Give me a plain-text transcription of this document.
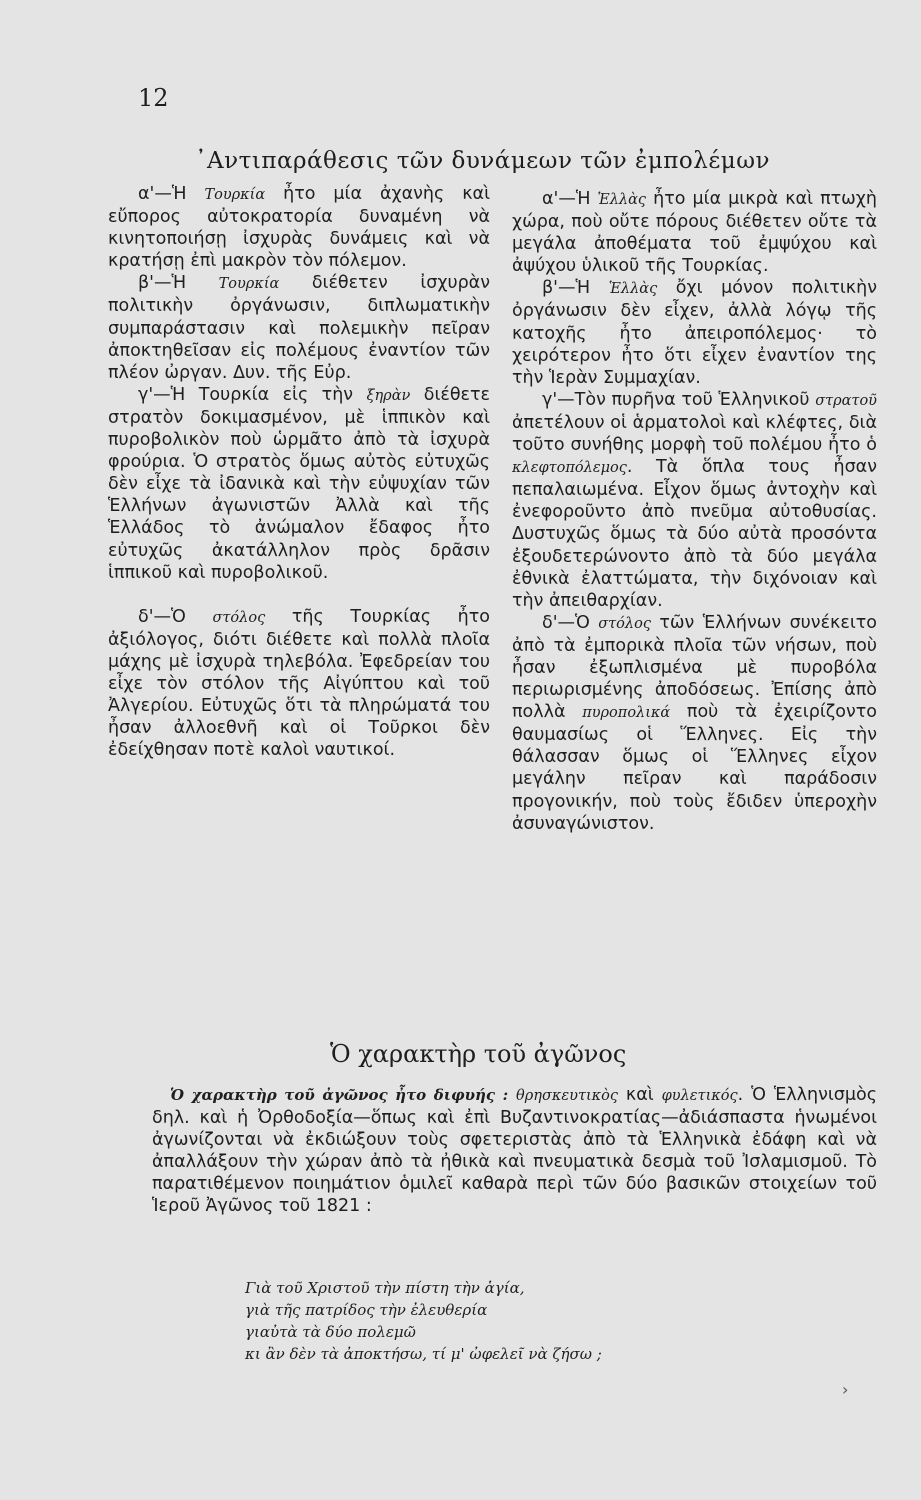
12
᾿Αντιπαράθεσις τῶν δυνάμεων τῶν ἐμπολέμων

α'—Ἡ Τουρκία ἦτο μία ἀχανὴς καὶ εὔπορος αὐτοκρατορία δυναμένη νὰ κινητοποιήσῃ ἰσχυρὰς δυνάμεις καὶ νὰ κρατήσῃ ἐπὶ μακρὸν τὸν πόλεμον.

β'—Ἡ Τουρκία διέθετεν ἰσχυρὰν πολιτικὴν ὀργάνωσιν, διπλωματικὴν συμπαράστασιν καὶ πολεμικὴν πεῖραν ἀποκτηθεῖσαν εἰς πολέμους ἐναντίον τῶν πλέον ὠργαν. Δυν. τῆς Εὐρ.

γ'—Ἡ Τουρκία εἰς τὴν ξηρὰν διέθετε στρατὸν δοκιμασμένον, μὲ ἱππικὸν καὶ πυροβολικὸν ποὺ ὡρμᾶτο ἀπὸ τὰ ἰσχυρὰ φρούρια. Ὁ στρατὸς ὅμως αὐτὸς εὐτυχῶς δὲν εἶχε τὰ ἰδανικὰ καὶ τὴν εὐψυχίαν τῶν Ἑλλήνων ἀγωνιστῶν Ἀλλὰ καὶ τῆς Ἑλλάδος τὸ ἀνώμαλον ἔδαφος ἦτο εὐτυχῶς ἀκατάλληλον πρὸς δρᾶσιν ἱππικοῦ καὶ πυροβολικοῦ.

δ'—Ὁ στόλος τῆς Τουρκίας ἦτο ἀξιόλογος, διότι διέθετε καὶ πολλὰ πλοῖα μάχης μὲ ἰσχυρὰ τηλεβόλα. Ἐφεδρείαν του εἶχε τὸν στόλον τῆς Αἰγύπτου καὶ τοῦ Ἀλγερίου. Εὐτυχῶς ὅτι τὰ πληρώματά του ἦσαν ἀλλοεθνῆ καὶ οἱ Τοῦρκοι δὲν ἐδείχθησαν ποτὲ καλοὶ ναυτικοί.

α'—Ἡ Ἑλλὰς ἦτο μία μικρὰ καὶ πτωχὴ χώρα, ποὺ οὔτε πόρους διέθετεν οὔτε τὰ μεγάλα ἀποθέματα τοῦ ἐμψύχου καὶ ἀψύχου ὑλικοῦ τῆς Τουρκίας.

β'—Ἡ Ἑλλὰς ὄχι μόνον πολιτικὴν ὀργάνωσιν δὲν εἶχεν, ἀλλὰ λόγῳ τῆς κατοχῆς ἦτο ἀπειροπόλεμος· τὸ χειρότερον ἦτο ὅτι εἶχεν ἐναντίον της τὴν Ἱερὰν Συμμαχίαν.

γ'—Τὸν πυρῆνα τοῦ Ἑλληνικοῦ στρατοῦ ἀπετέλουν οἱ ἁρματολοὶ καὶ κλέφτες, διὰ τοῦτο συνήθης μορφὴ τοῦ πολέμου ἦτο ὁ κλεφτοπόλεμος. Τὰ ὅπλα τους ἦσαν πεπαλαιωμένα. Εἶχον ὅμως ἀντοχὴν καὶ ἐνεφοροῦντο ἀπὸ πνεῦμα αὐτοθυσίας. Δυστυχῶς ὅμως τὰ δύο αὐτὰ προσόντα ἐξουδετερώνοντο ἀπὸ τὰ δύο μεγάλα ἐθνικὰ ἐλαττώματα, τὴν διχόνοιαν καὶ τὴν ἀπειθαρχίαν.

δ'—Ὁ στόλος τῶν Ἑλλήνων συνέκειτο ἀπὸ τὰ ἐμπορικὰ πλοῖα τῶν νήσων, ποὺ ἦσαν ἐξωπλισμένα μὲ πυροβόλα περιωρισμένης ἀποδόσεως. Ἐπίσης ἀπὸ πολλὰ πυροπολικά ποὺ τὰ ἐχειρίζοντο θαυμασίως οἱ Ἕλληνες. Εἰς τὴν θάλασσαν ὅμως οἱ Ἕλληνες εἶχον μεγάλην πεῖραν καὶ παράδοσιν προγονικήν, ποὺ τοὺς ἔδιδεν ὑπεροχὴν ἀσυναγώνιστον.

Ὁ χαρακτὴρ τοῦ ἀγῶνος
Ὁ χαρακτὴρ τοῦ ἀγῶνος ἦτο διφυής : θρησκευτικὸς καὶ φυλετικός. Ὁ Ἑλληνισμὸς δηλ. καὶ ἡ Ὀρθοδοξία—ὅπως καὶ ἐπὶ Βυζαντινοκρατίας—ἀδιάσπαστα ἡνωμένοι ἀγωνίζονται νὰ ἐκδιώξουν τοὺς σφετεριστὰς ἀπὸ τὰ Ἑλληνικὰ ἐδάφη καὶ νὰ ἀπαλλάξουν τὴν χώραν ἀπὸ τὰ ἠθικὰ καὶ πνευματικὰ δεσμὰ τοῦ Ἰσλαμισμοῦ. Τὸ παρατιθέμενον ποιημάτιον ὁμιλεῖ καθαρὰ περὶ τῶν δύο βασικῶν στοιχείων τοῦ Ἱεροῦ Ἀγῶνος τοῦ 1821 :
Γιὰ τοῦ Χριστοῦ τὴν πίστη τὴν ἁγία,
γιὰ τῆς πατρίδος τὴν ἐλευθερία
γιαὐτὰ τὰ δύο πολεμῶ
κι ἂν δὲν τὰ ἀποκτήσω, τί μ' ὠφελεῖ νὰ ζήσω ;
›
